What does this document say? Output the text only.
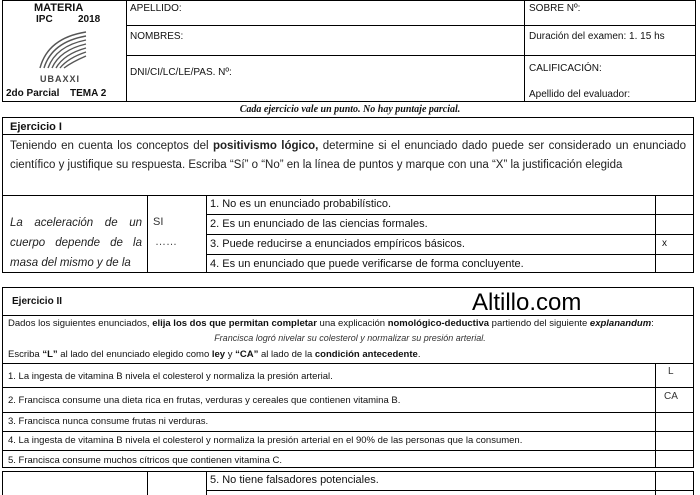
MATERIA
IPC	2018
UBAXXI
2do Parcial TEMA 2
APELLIDO:
NOMBRES:
DNI/CI/LC/LE/PAS. Nº:
SOBRE Nº:
Duración del examen: 1. 15 hs
CALIFICACIÓN:
Apellido del evaluador:
Cada ejercicio vale un punto. No hay puntaje parcial.
Ejercicio I
Teniendo en cuenta los conceptos del positivismo lógico, determine si el enunciado dado puede ser considerado un enunciado científico y justifique su respuesta. Escriba “Sí” o “No” en la línea de puntos y marque con una “X” la justificación elegida
La aceleración de un cuerpo depende de la masa del mismo y de la
SI
……
1. No es un enunciado probabilístico.
2. Es un enunciado de las ciencias formales.
3. Puede reducirse a enunciados empíricos básicos.
4. Es un enunciado que puede verificarse de forma concluyente.
x
Ejercicio II	Altillo.com
Dados los siguientes enunciados, elija los dos que permitan completar una explicación nomológico-deductiva partiendo del siguiente explanandum:
Francisca logró nivelar su colesterol y normalizar su presión arterial.
Escriba “L” al lado del enunciado elegido como ley y “CA” al lado de la condición antecedente.
1. La ingesta de vitamina B nivela el colesterol y normaliza la presión arterial.
2. Francisca consume una dieta rica en frutas, verduras y cereales que contienen vitamina B.
3. Francisca nunca consume frutas ni verduras.
4. La ingesta de vitamina B nivela el colesterol y normaliza la presión arterial en el 90% de las personas que la consumen.
5. Francisca consume muchos cítricos que contienen vitamina C.
L
CA
5. No tiene falsadores potenciales.
